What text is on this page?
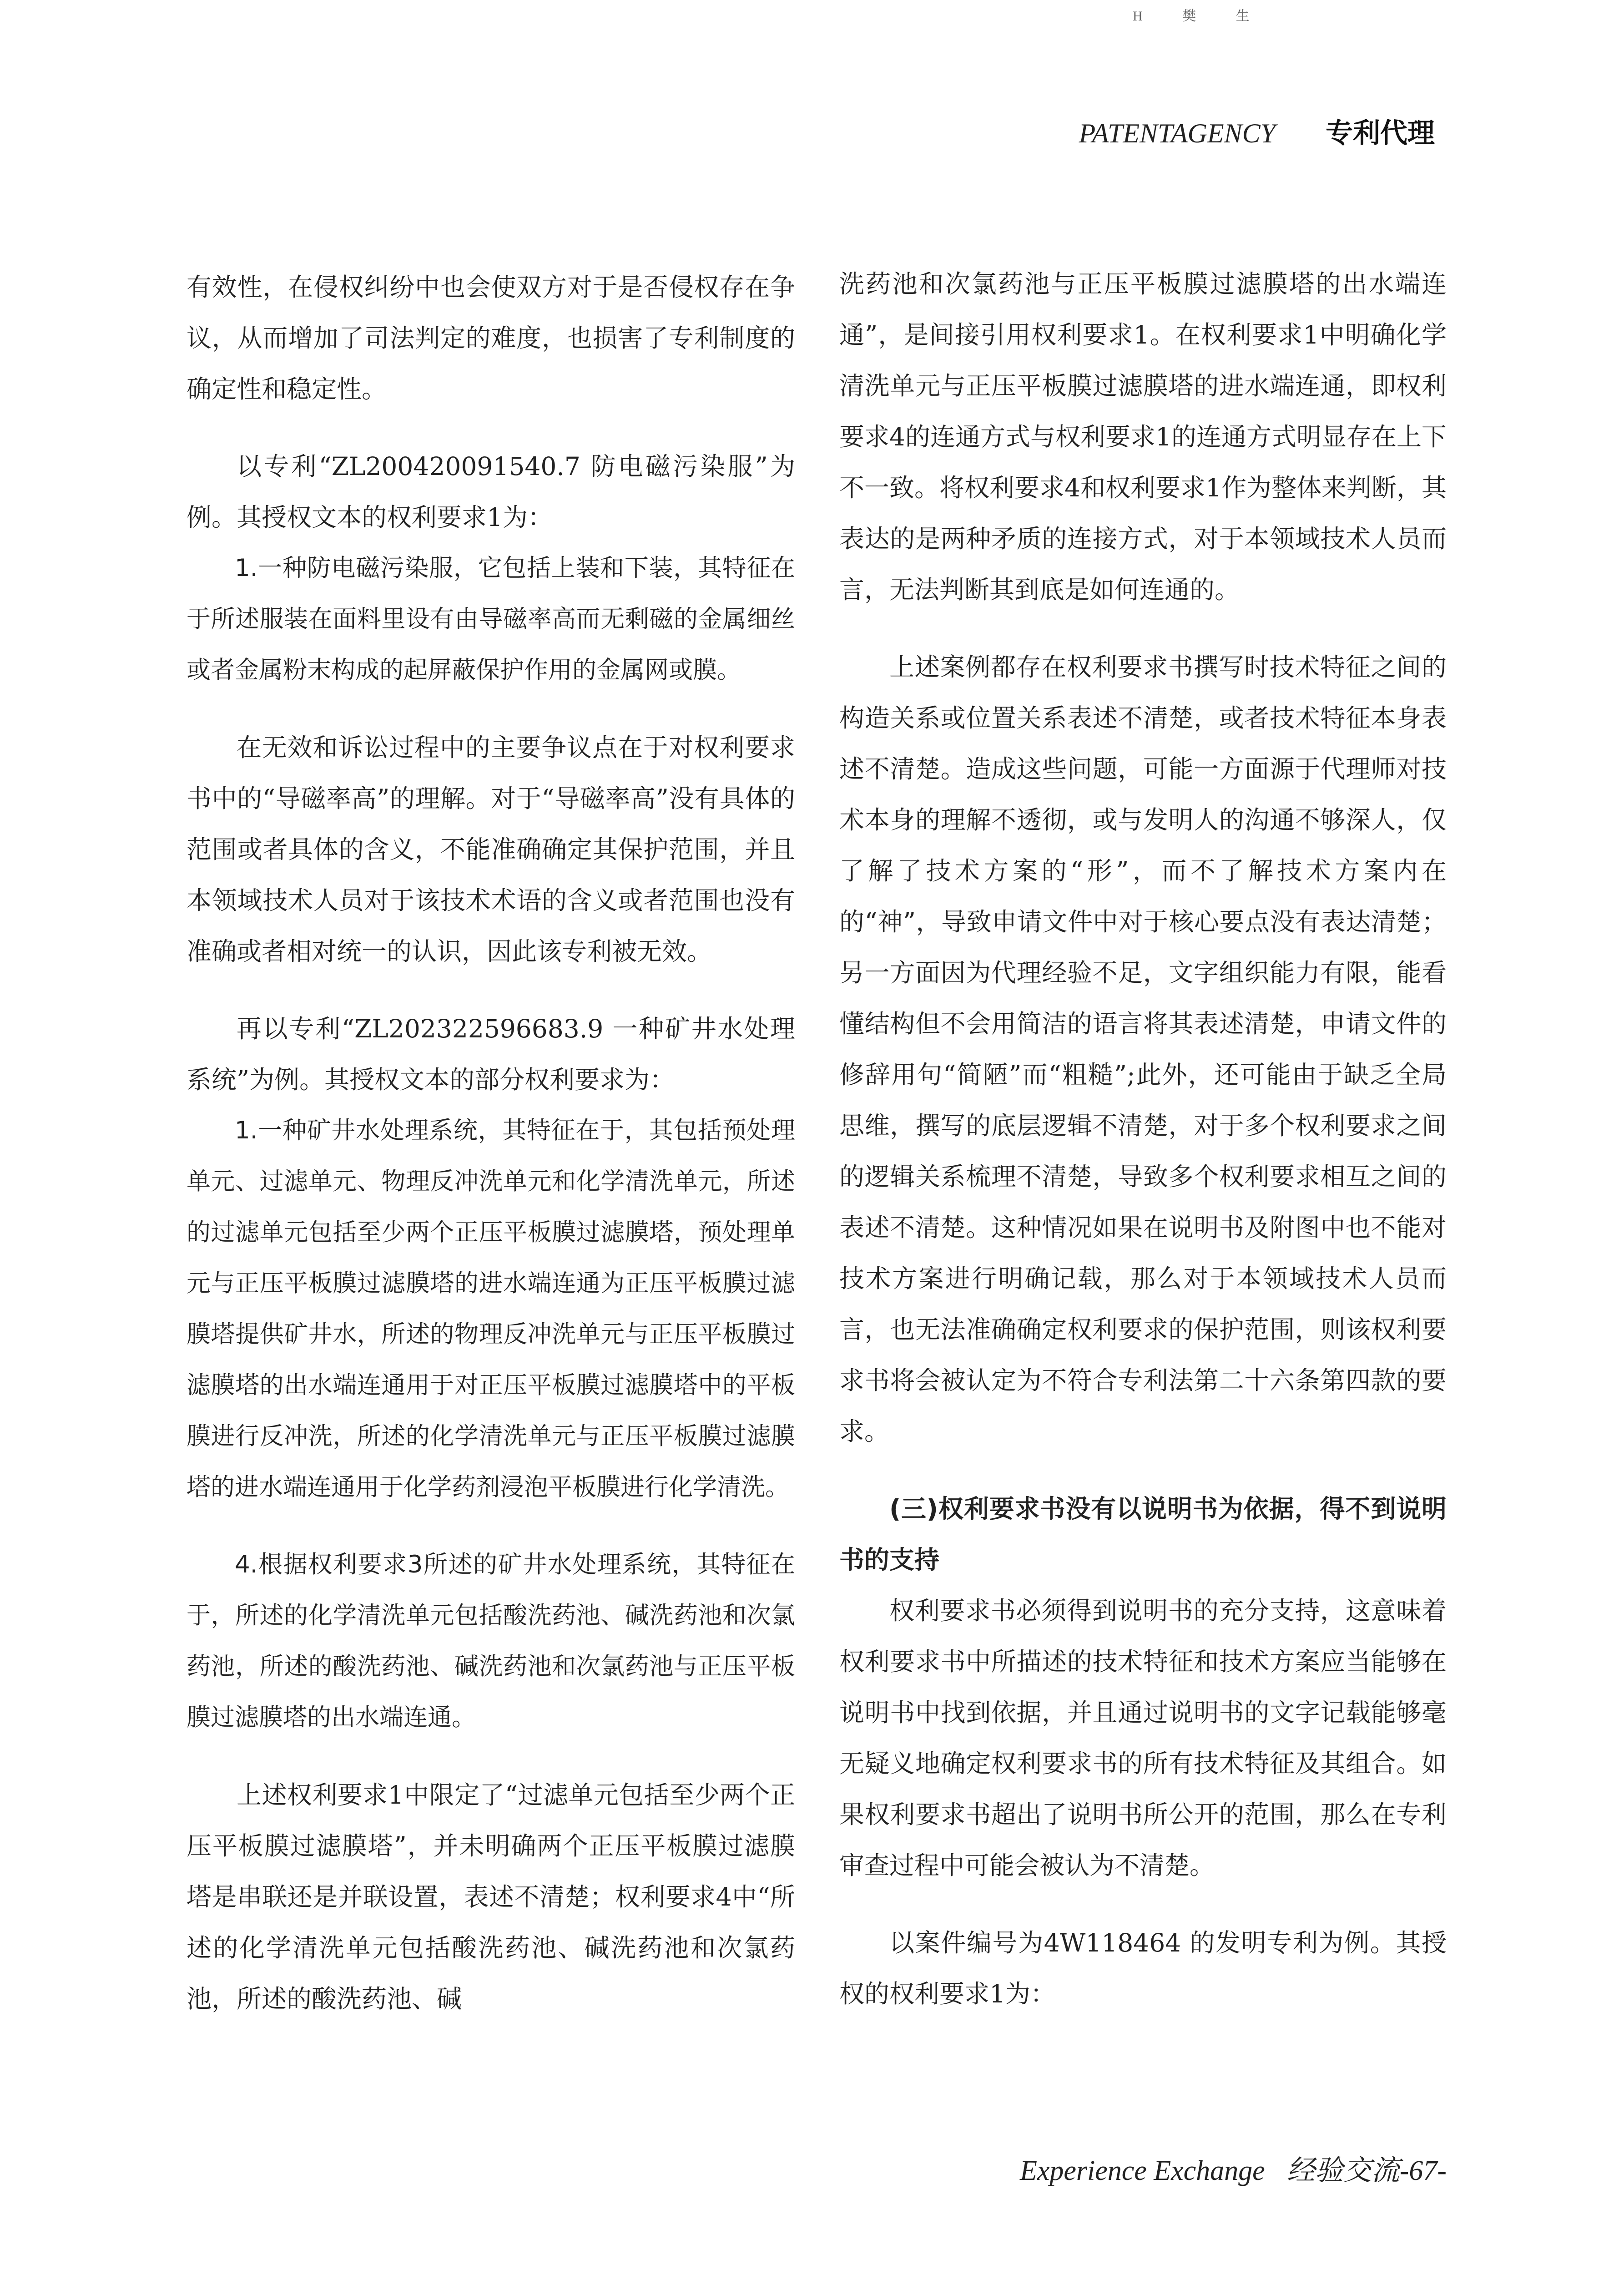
H 樊 生
PATENTAGENCY 专利代理

有效性，在侵权纠纷中也会使双方对于是否侵权存在争议，从而增加了司法判定的难度，也损害了专利制度的确定性和稳定性。

以专利“ZL200420091540.7 防电磁污染服”为例。其授权文本的权利要求1为：

1.一种防电磁污染服，它包括上装和下装，其特征在于所述服装在面料里设有由导磁率高而无剩磁的金属细丝或者金属粉末构成的起屏蔽保护作用的金属网或膜。

在无效和诉讼过程中的主要争议点在于对权利要求书中的“导磁率高”的理解。对于“导磁率高”没有具体的范围或者具体的含义，不能准确确定其保护范围，并且本领域技术人员对于该技术术语的含义或者范围也没有准确或者相对统一的认识，因此该专利被无效。

再以专利“ZL202322596683.9 一种矿井水处理系统”为例。其授权文本的部分权利要求为：

1.一种矿井水处理系统，其特征在于，其包括预处理单元、过滤单元、物理反冲洗单元和化学清洗单元，所述的过滤单元包括至少两个正压平板膜过滤膜塔，预处理单元与正压平板膜过滤膜塔的进水端连通为正压平板膜过滤膜塔提供矿井水，所述的物理反冲洗单元与正压平板膜过滤膜塔的出水端连通用于对正压平板膜过滤膜塔中的平板膜进行反冲洗，所述的化学清洗单元与正压平板膜过滤膜塔的进水端连通用于化学药剂浸泡平板膜进行化学清洗。

4.根据权利要求3所述的矿井水处理系统，其特征在于，所述的化学清洗单元包括酸洗药池、碱洗药池和次氯药池，所述的酸洗药池、碱洗药池和次氯药池与正压平板膜过滤膜塔的出水端连通。

上述权利要求1中限定了“过滤单元包括至少两个正压平板膜过滤膜塔”，并未明确两个正压平板膜过滤膜塔是串联还是并联设置，表述不清楚；权利要求4中“所述的化学清洗单元包括酸洗药池、碱洗药池和次氯药池，所述的酸洗药池、碱

洗药池和次氯药池与正压平板膜过滤膜塔的出水端连通”，是间接引用权利要求1。在权利要求1中明确化学清洗单元与正压平板膜过滤膜塔的进水端连通，即权利要求4的连通方式与权利要求1的连通方式明显存在上下不一致。将权利要求4和权利要求1作为整体来判断，其表达的是两种矛质的连接方式，对于本领域技术人员而言，无法判断其到底是如何连通的。

上述案例都存在权利要求书撰写时技术特征之间的构造关系或位置关系表述不清楚，或者技术特征本身表述不清楚。造成这些问题，可能一方面源于代理师对技术本身的理解不透彻，或与发明人的沟通不够深人，仅了解了技术方案的“形”，而不了解技术方案内在的“神”，导致申请文件中对于核心要点没有表达清楚；另一方面因为代理经验不足，文字组织能力有限，能看懂结构但不会用简洁的语言将其表述清楚，申请文件的修辞用句“简陋”而“粗糙”;此外，还可能由于缺乏全局思维，撰写的底层逻辑不清楚，对于多个权利要求之间的逻辑关系梳理不清楚，导致多个权利要求相互之间的表述不清楚。这种情况如果在说明书及附图中也不能对技术方案进行明确记载，那么对于本领域技术人员而言，也无法准确确定权利要求的保护范围，则该权利要求书将会被认定为不符合专利法第二十六条第四款的要求。

(三)权利要求书没有以说明书为依据，得不到说明书的支持

权利要求书必须得到说明书的充分支持，这意味着权利要求书中所描述的技术特征和技术方案应当能够在说明书中找到依据，并且通过说明书的文字记载能够毫无疑义地确定权利要求书的所有技术特征及其组合。如果权利要求书超出了说明书所公开的范围，那么在专利审查过程中可能会被认为不清楚。

以案件编号为4W118464 的发明专利为例。其授权的权利要求1为：

Experience Exchange 经验交流-67-
